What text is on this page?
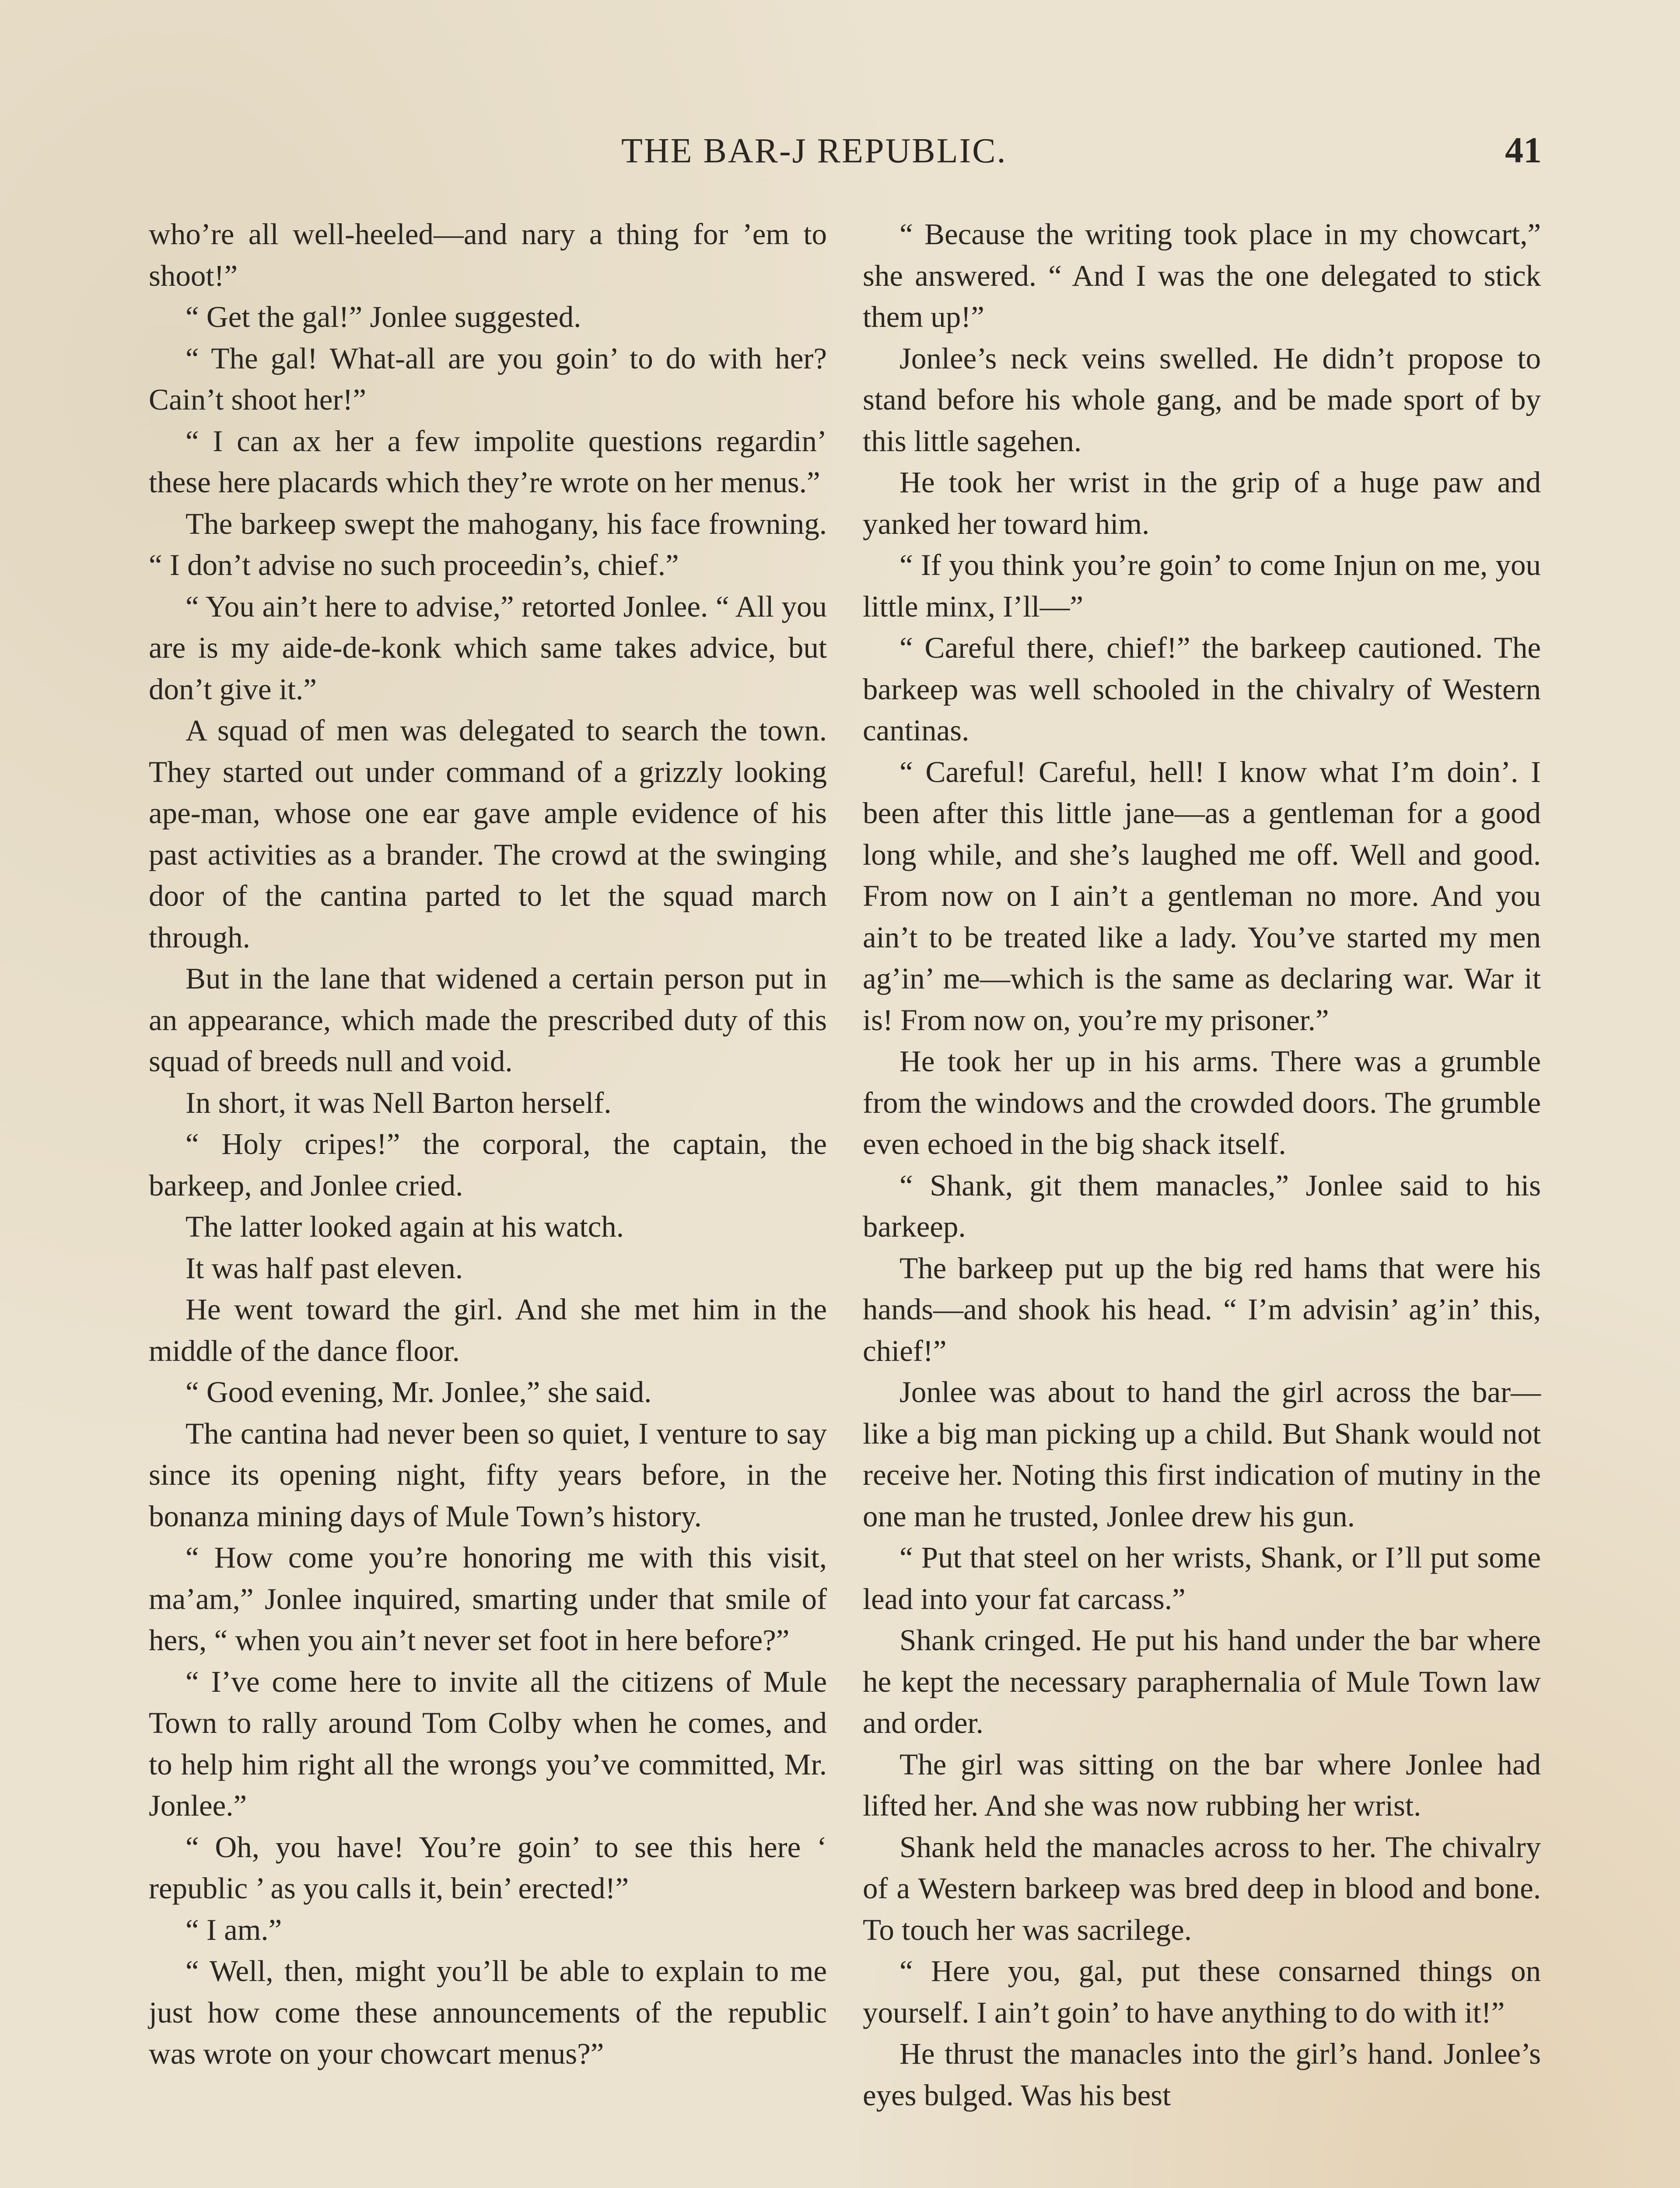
THE BAR-J REPUBLIC.	41

who’re all well-heeled—and nary a thing for ’em to shoot!”

“ Get the gal!” Jonlee suggested.

“ The gal! What-all are you goin’ to do with her? Cain’t shoot her!”

“ I can ax her a few impolite questions regardin’ these here placards which they’re wrote on her menus.”

The barkeep swept the mahogany, his face frowning. “ I don’t advise no such proceedin’s, chief.”

“ You ain’t here to advise,” retorted Jonlee. “ All you are is my aide-de-konk which same takes advice, but don’t give it.”

A squad of men was delegated to search the town. They started out under command of a grizzly looking ape-man, whose one ear gave ample evidence of his past activities as a brander. The crowd at the swinging door of the cantina parted to let the squad march through.

But in the lane that widened a certain person put in an appearance, which made the prescribed duty of this squad of breeds null and void.

In short, it was Nell Barton herself.

“ Holy cripes!” the corporal, the captain, the barkeep, and Jonlee cried.

The latter looked again at his watch.

It was half past eleven.

He went toward the girl. And she met him in the middle of the dance floor.

“ Good evening, Mr. Jonlee,” she said.

The cantina had never been so quiet, I venture to say since its opening night, fifty years before, in the bonanza mining days of Mule Town’s history.

“ How come you’re honoring me with this visit, ma’am,” Jonlee inquired, smarting under that smile of hers, “ when you ain’t never set foot in here before?”

“ I’ve come here to invite all the citizens of Mule Town to rally around Tom Colby when he comes, and to help him right all the wrongs you’ve committed, Mr. Jonlee.”

“ Oh, you have! You’re goin’ to see this here ‘ republic ’ as you calls it, bein’ erected!”

“ I am.”

“ Well, then, might you’ll be able to explain to me just how come these announcements of the republic was wrote on your chowcart menus?”

“ Because the writing took place in my chowcart,” she answered. “ And I was the one delegated to stick them up!”

Jonlee’s neck veins swelled. He didn’t propose to stand before his whole gang, and be made sport of by this little sagehen.

He took her wrist in the grip of a huge paw and yanked her toward him.

“ If you think you’re goin’ to come Injun on me, you little minx, I’ll—”

“ Careful there, chief!” the barkeep cautioned. The barkeep was well schooled in the chivalry of Western cantinas.

“ Careful! Careful, hell! I know what I’m doin’. I been after this little jane—as a gentleman for a good long while, and she’s laughed me off. Well and good. From now on I ain’t a gentleman no more. And you ain’t to be treated like a lady. You’ve started my men ag’in’ me—which is the same as declaring war. War it is! From now on, you’re my prisoner.”

He took her up in his arms. There was a grumble from the windows and the crowded doors. The grumble even echoed in the big shack itself.

“ Shank, git them manacles,” Jonlee said to his barkeep.

The barkeep put up the big red hams that were his hands—and shook his head. “ I’m advisin’ ag’in’ this, chief!”

Jonlee was about to hand the girl across the bar—like a big man picking up a child. But Shank would not receive her. Noting this first indication of mutiny in the one man he trusted, Jonlee drew his gun.

“ Put that steel on her wrists, Shank, or I’ll put some lead into your fat carcass.”

Shank cringed. He put his hand under the bar where he kept the necessary paraphernalia of Mule Town law and order.

The girl was sitting on the bar where Jonlee had lifted her. And she was now rubbing her wrist.

Shank held the manacles across to her. The chivalry of a Western barkeep was bred deep in blood and bone. To touch her was sacrilege.

“ Here you, gal, put these consarned things on yourself. I ain’t goin’ to have anything to do with it!”

He thrust the manacles into the girl’s hand. Jonlee’s eyes bulged. Was his best
